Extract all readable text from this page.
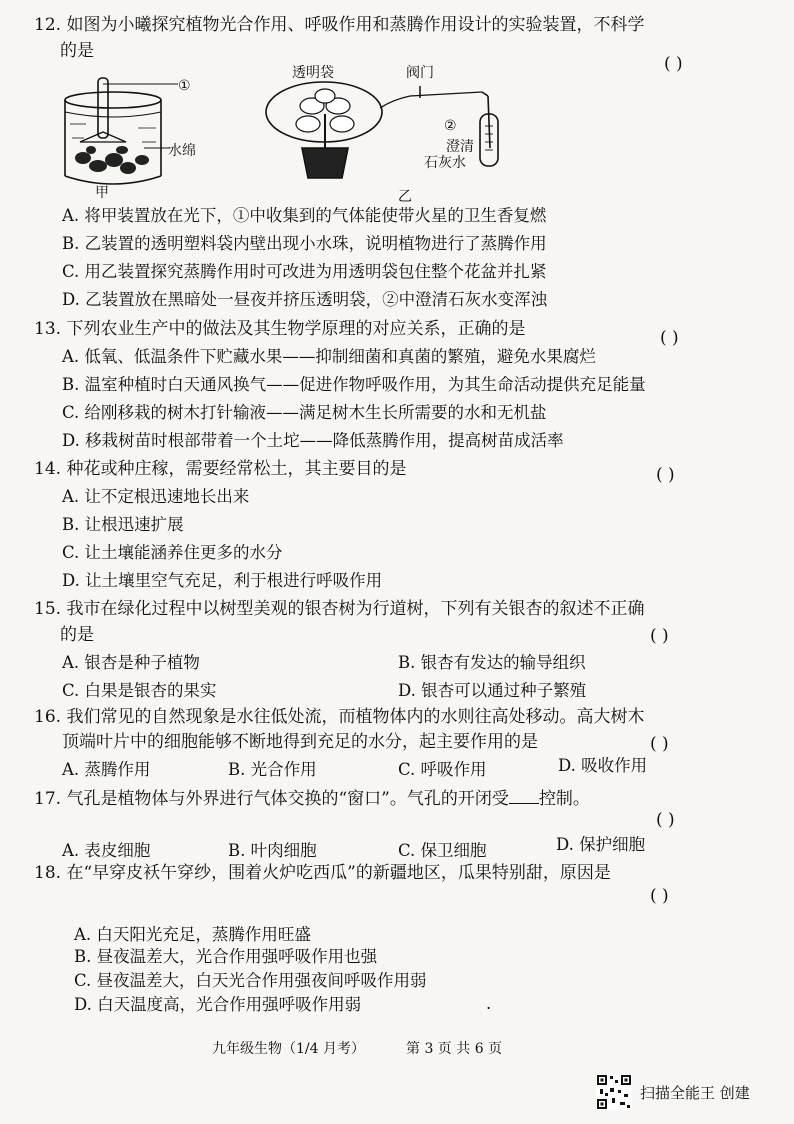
12. 如图为小曦探究植物光合作用、呼吸作用和蒸腾作用设计的实验装置，不科学
的是
( )
①
水绵
甲
透明袋	阀门
②
澄清
石灰水
乙
A. 将甲装置放在光下，①中收集到的气体能使带火星的卫生香复燃
B. 乙装置的透明塑料袋内壁出现小水珠，说明植物进行了蒸腾作用
C. 用乙装置探究蒸腾作用时可改进为用透明袋包住整个花盆并扎紧
D. 乙装置放在黑暗处一昼夜并挤压透明袋，②中澄清石灰水变浑浊
13. 下列农业生产中的做法及其生物学原理的对应关系，正确的是	( )
A. 低氧、低温条件下贮藏水果——抑制细菌和真菌的繁殖，避免水果腐烂
B. 温室种植时白天通风换气——促进作物呼吸作用，为其生命活动提供充足能量
C. 给刚移栽的树木打针输液——满足树木生长所需要的水和无机盐
D. 移栽树苗时根部带着一个土坨——降低蒸腾作用，提高树苗成活率
14. 种花或种庄稼，需要经常松土，其主要目的是	( )
A. 让不定根迅速地长出来
B. 让根迅速扩展
C. 让土壤能涵养住更多的水分
D. 让土壤里空气充足，利于根进行呼吸作用
15. 我市在绿化过程中以树型美观的银杏树为行道树，下列有关银杏的叙述不正确
的是	( )
A. 银杏是种子植物	B. 银杏有发达的输导组织
C. 白果是银杏的果实	D. 银杏可以通过种子繁殖
16. 我们常见的自然现象是水往低处流，而植物体内的水则往高处移动。高大树木
顶端叶片中的细胞能够不断地得到充足的水分，起主要作用的是	( )
A. 蒸腾作用	B. 光合作用	C. 呼吸作用	D. 吸收作用
17. 气孔是植物体与外界进行气体交换的“窗口”。气孔的开闭受 控制。
( )
A. 表皮细胞	B. 叶肉细胞	C. 保卫细胞	D. 保护细胞
18. 在“早穿皮袄午穿纱，围着火炉吃西瓜”的新疆地区，瓜果特别甜，原因是
( )
A. 白天阳光充足，蒸腾作用旺盛
B. 昼夜温差大，光合作用强呼吸作用也强
C. 昼夜温差大，白天光合作用强夜间呼吸作用弱
D. 白天温度高，光合作用强呼吸作用弱	·
九年级生物（1/4 月考）	第 3 页 共 6 页
扫描全能王 创建
